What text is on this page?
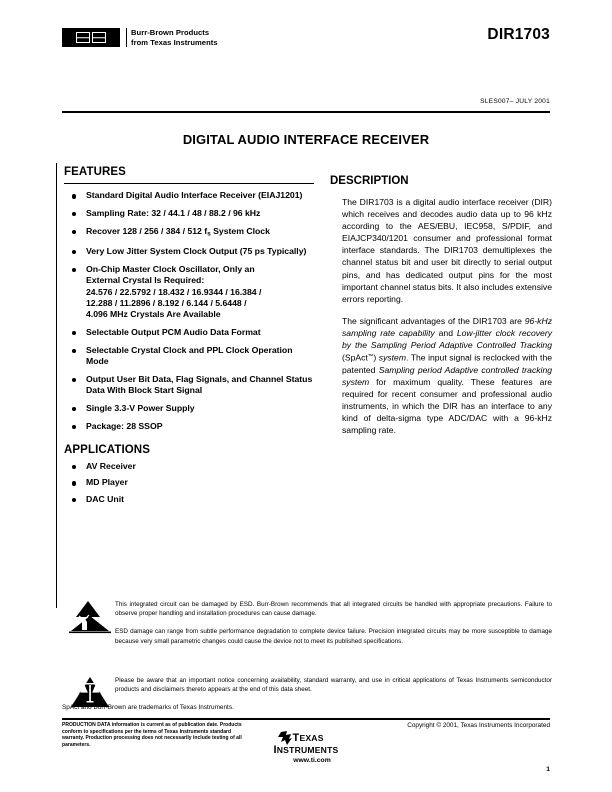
Burr-Brown Products
from Texas Instruments	DIR1703
SLES007– JULY 2001
DIGITAL AUDIO INTERFACE RECEIVER
FEATURES
Standard Digital Audio Interface Receiver (EIAJ1201)
Sampling Rate: 32 / 44.1 / 48 / 88.2 / 96 kHz
Recover 128 / 256 / 384 / 512 $f_s$ System Clock
Very Low Jitter System Clock Output (75 ps Typically)
On-Chip Master Clock Oscillator, Only an
External Crystal Is Required:
24.576 / 22.5792 / 18.432 / 16.9344 / 16.384 /
12.288 / 11.2896 / 8.192 / 6.144 / 5.6448 /
4.096 MHz Crystals Are Available
Selectable Output PCM Audio Data Format
Selectable Crystal Clock and PPL Clock Operation Mode
Output User Bit Data, Flag Signals, and Channel Status Data With Block Start Signal
Single 3.3-V Power Supply
Package: 28 SSOP
APPLICATIONS
AV Receiver
MD Player
DAC Unit
DESCRIPTION

The DIR1703 is a digital audio interface receiver (DIR) which receives and decodes audio data up to 96 kHz according to the AES/EBU, IEC958, S/PDIF, and EIAJCP340/1201 consumer and professional format interface standards. The DIR1703 demultiplexes the channel status bit and user bit directly to serial output pins, and has dedicated output pins for the most important channel status bits. It also includes extensive errors reporting.

The significant advantages of the DIR1703 are 96-kHz sampling rate capability and Low-jitter clock recovery by the Sampling Period Adaptive Controlled Tracking (SpAct™) system. The input signal is reclocked with the patented Sampling period Adaptive controlled tracking system for maximum quality. These features are required for recent consumer and professional audio instruments, in which the DIR has an interface to any kind of delta-sigma type ADC/DAC with a 96-kHz sampling rate.

This integrated circuit can be damaged by ESD. Burr-Brown recommends that all integrated circuits be handled with appropriate precautions. Failure to observe proper handling and installation procedures can cause damage.

ESD damage can range from subtle performance degradation to complete device failure. Precision integrated circuits may be more susceptible to damage because very small parametric changes could cause the device not to meet its published specifications.

Please be aware that an important notice concerning availability, standard warranty, and use in critical applications of Texas Instruments semiconductor products and disclaimers thereto appears at the end of this data sheet.

SpAct and Burr-Brown are trademarks of Texas Instruments.
PRODUCTION DATA information is current as of publication date. Products conform to specifications per the terms of Texas Instruments standard warranty. Production processing does not necessarily include testing of all parameters.
Copyright © 2001, Texas Instruments Incorporated
TEXAS
INSTRUMENTS
www.ti.com
1
